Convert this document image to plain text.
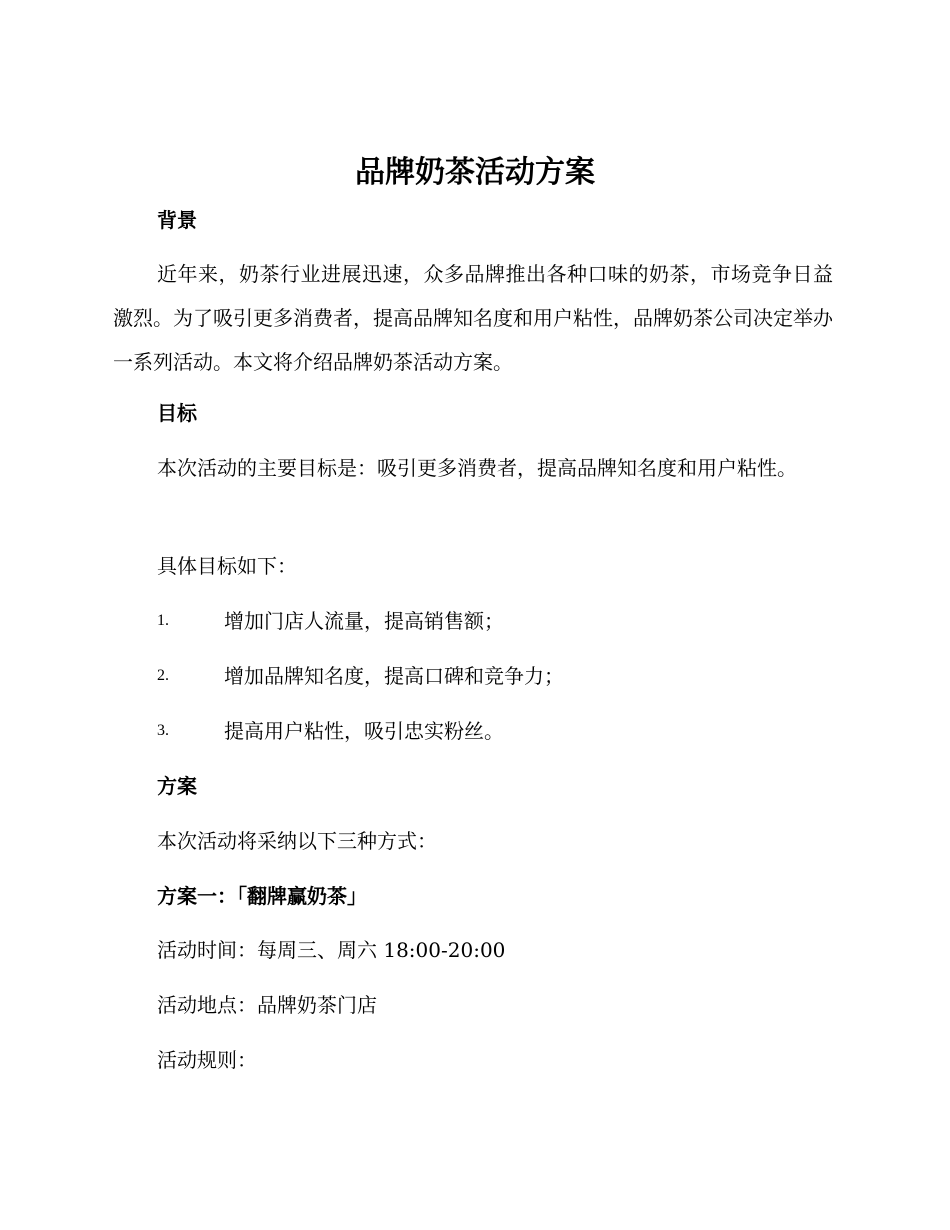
品牌奶茶活动方案
背景

近年来，奶茶行业进展迅速，众多品牌推出各种口味的奶茶，市场竞争日益激烈。为了吸引更多消费者，提高品牌知名度和用户粘性，品牌奶茶公司决定举办一系列活动。本文将介绍品牌奶茶活动方案。

目标

本次活动的主要目标是：吸引更多消费者，提高品牌知名度和用户粘性。

具体目标如下：

1.	增加门店人流量，提高销售额；
2.	增加品牌知名度，提高口碑和竞争力；
3.	提高用户粘性，吸引忠实粉丝。
方案

本次活动将采纳以下三种方式：

方案一：「翻牌赢奶茶」

活动时间：每周三、周六 18:00-20:00

活动地点：品牌奶茶门店

活动规则：
